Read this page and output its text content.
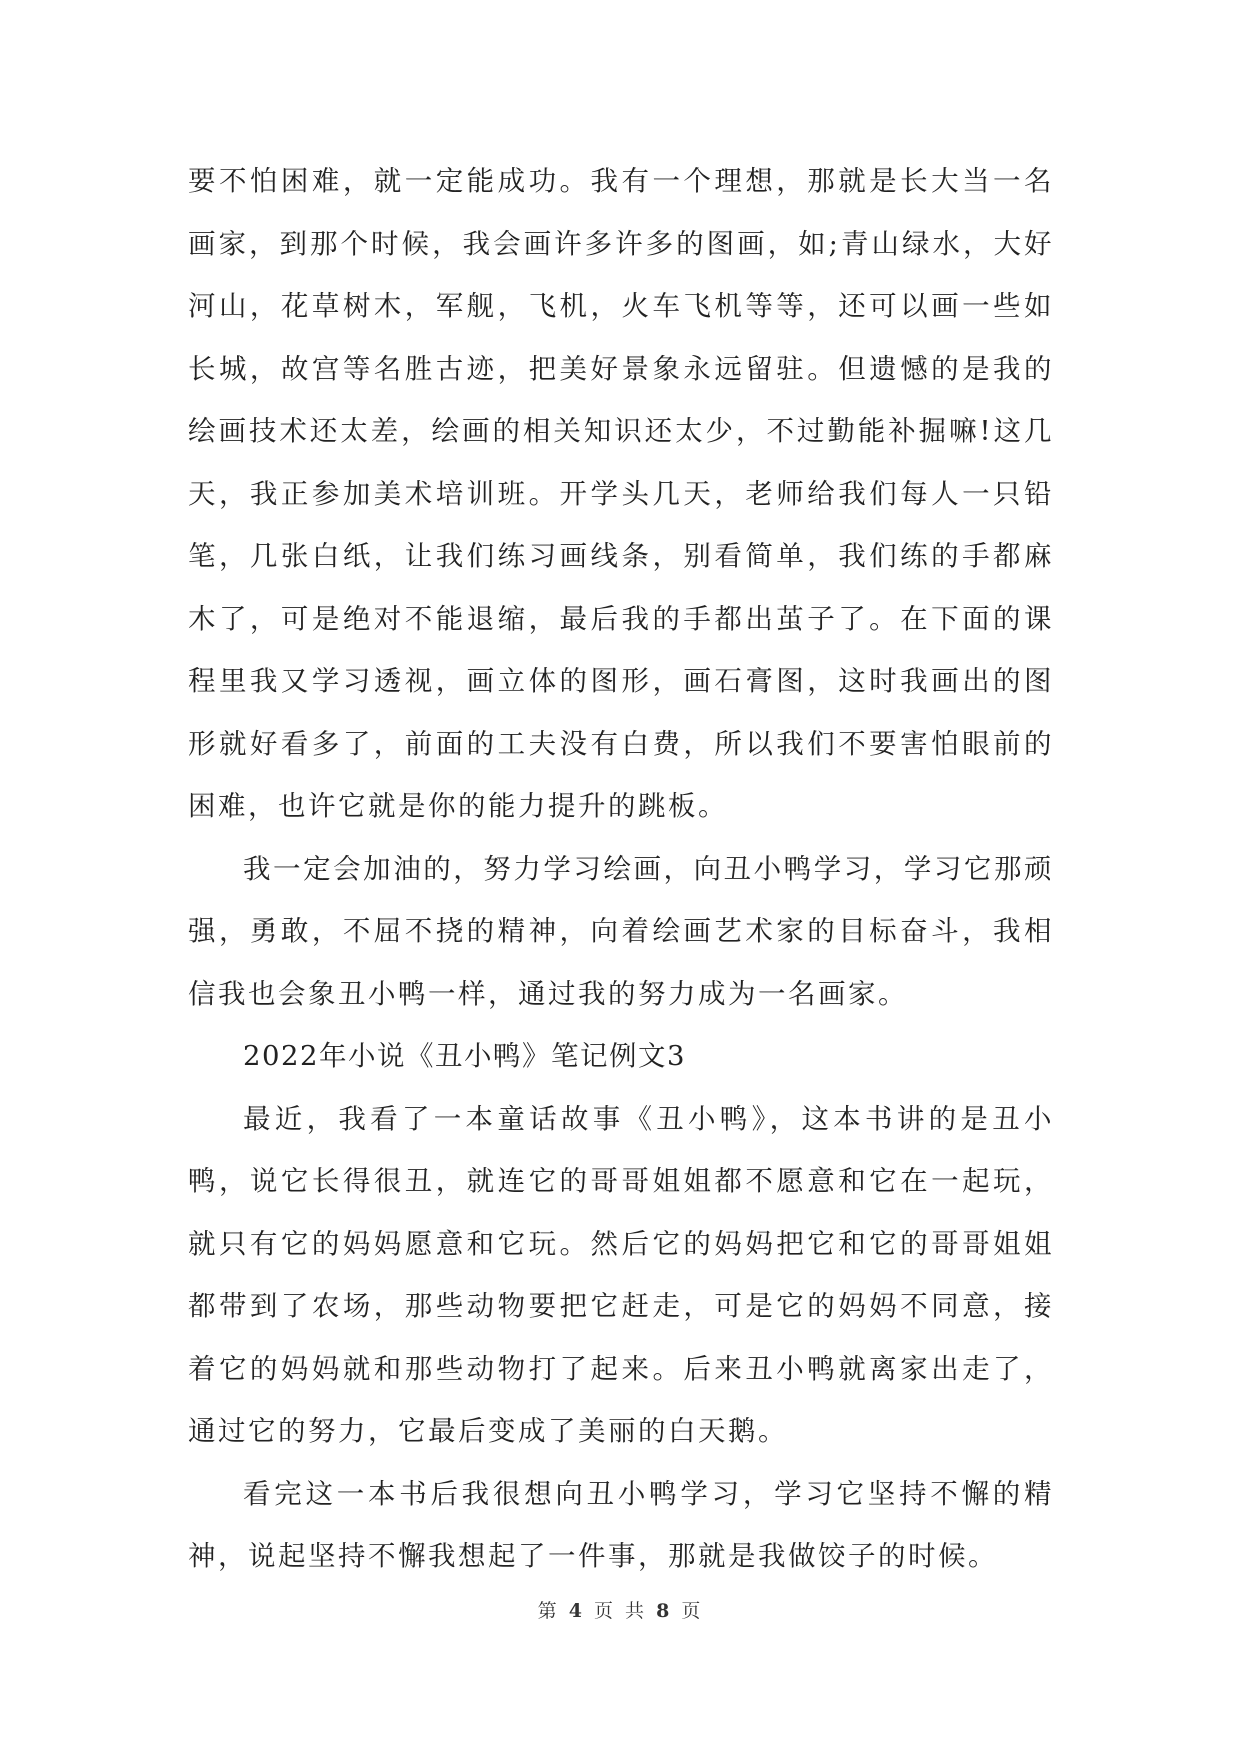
要不怕困难，就一定能成功。我有一个理想，那就是长大当一名画家，到那个时候，我会画许多许多的图画，如;青山绿水，大好河山，花草树木，军舰，飞机，火车飞机等等，还可以画一些如长城，故宫等名胜古迹，把美好景象永远留驻。但遗憾的是我的绘画技术还太差，绘画的相关知识还太少，不过勤能补掘嘛!这几天，我正参加美术培训班。开学头几天，老师给我们每人一只铅笔，几张白纸，让我们练习画线条，别看简单，我们练的手都麻木了，可是绝对不能退缩，最后我的手都出茧子了。在下面的课程里我又学习透视，画立体的图形，画石膏图，这时我画出的图形就好看多了，前面的工夫没有白费，所以我们不要害怕眼前的困难，也许它就是你的能力提升的跳板。

我一定会加油的，努力学习绘画，向丑小鸭学习，学习它那顽强，勇敢，不屈不挠的精神，向着绘画艺术家的目标奋斗，我相信我也会象丑小鸭一样，通过我的努力成为一名画家。

2022年小说《丑小鸭》笔记例文3

最近，我看了一本童话故事《丑小鸭》，这本书讲的是丑小鸭，说它长得很丑，就连它的哥哥姐姐都不愿意和它在一起玩，就只有它的妈妈愿意和它玩。然后它的妈妈把它和它的哥哥姐姐都带到了农场，那些动物要把它赶走，可是它的妈妈不同意，接着它的妈妈就和那些动物打了起来。后来丑小鸭就离家出走了，通过它的努力，它最后变成了美丽的白天鹅。

看完这一本书后我很想向丑小鸭学习，学习它坚持不懈的精神，说起坚持不懈我想起了一件事，那就是我做饺子的时候。

第 4 页 共 8 页
